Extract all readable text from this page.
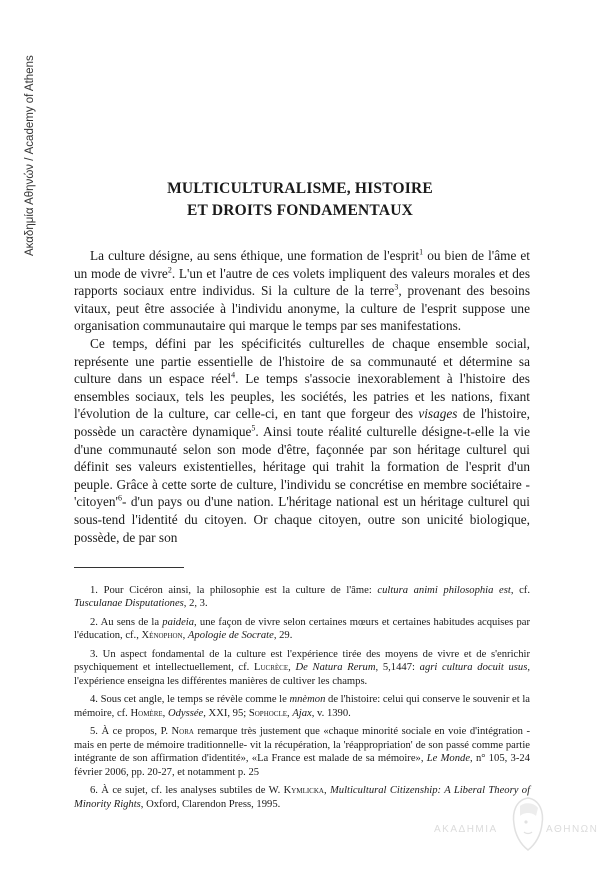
Ακαδημία Αθηνών / Academy of Athens	MULTICULTURALISME, HISTOIRE
ET DROITS FONDAMENTAUX

La culture désigne, au sens éthique, une formation de l'esprit$^1$ ou bien de l'âme et un mode de vivre$^2$. L'un et l'autre de ces volets impliquent des valeurs morales et des rapports sociaux entre individus. Si la culture de la terre$^3$, provenant des besoins vitaux, peut être associée à l'individu anonyme, la culture de l'esprit suppose une organisation communautaire qui marque le temps par ses manifestations.

Ce temps, défini par les spécificités culturelles de chaque ensemble social, représente une partie essentielle de l'histoire de sa communauté et détermine sa culture dans un espace réel$^4$. Le temps s'associe inexorablement à l'histoire des ensembles sociaux, tels les peuples, les sociétés, les patries et les nations, fixant l'évolution de la culture, car celle-ci, en tant que forgeur des visages de l'histoire, possède un caractère dynamique$^5$. Ainsi toute réalité culturelle désigne-t-elle la vie d'une communauté selon son mode d'être, façonnée par son héritage culturel qui définit ses valeurs existentielles, héritage qui trahit la formation de l'esprit d'un peuple. Grâce à cette sorte de culture, l'individu se concrétise en membre sociétaire $-'citoyen'^6-$ d'un pays ou d'une nation. L'héritage national est un héritage culturel qui sous-tend l'identité du citoyen. Or chaque citoyen, outre son unicité biologique, possède, de par son

1. Pour Cicéron ainsi, la philosophie est la culture de l'âme: cultura animi philosophia est, cf. Tusculanae Disputationes, 2, 3.

2. Au sens de la paideia, une façon de vivre selon certaines mœurs et certaines habitudes acquises par l'éducation, cf., Xénophon, Apologie de Socrate, 29.

3. Un aspect fondamental de la culture est l'expérience tirée des moyens de vivre et de s'enrichir psychiquement et intellectuellement, cf. Lucrèce, De Natura Rerum, 5,1447: agri cultura docuit usus, l'expérience enseigna les différentes manières de cultiver les champs.

4. Sous cet angle, le temps se révèle comme le mnèmon de l'histoire: celui qui conserve le souvenir et la mémoire, cf. Homère, Odyssée, XXI, 95; Sophocle, Ajax, v. 1390.

5. À ce propos, P. Nora remarque très justement que «chaque minorité sociale en voie d'intégration -mais en perte de mémoire traditionnelle- vit la récupération, la 'réappropriation' de son passé comme partie intégrante de son affirmation d'identité», «La France est malade de sa mémoire», Le Monde, n° 105, 3-24 février 2006, pp. 20-27, et notamment p. 25

6. À ce sujet, cf. les analyses subtiles de W. Kymlicka, Multicultural Citizenship: A Liberal Theory of Minority Rights, Oxford, Clarendon Press, 1995.

ΑΚΑΔΗΜΙΑ	ΑΘΗΝΩΝ
